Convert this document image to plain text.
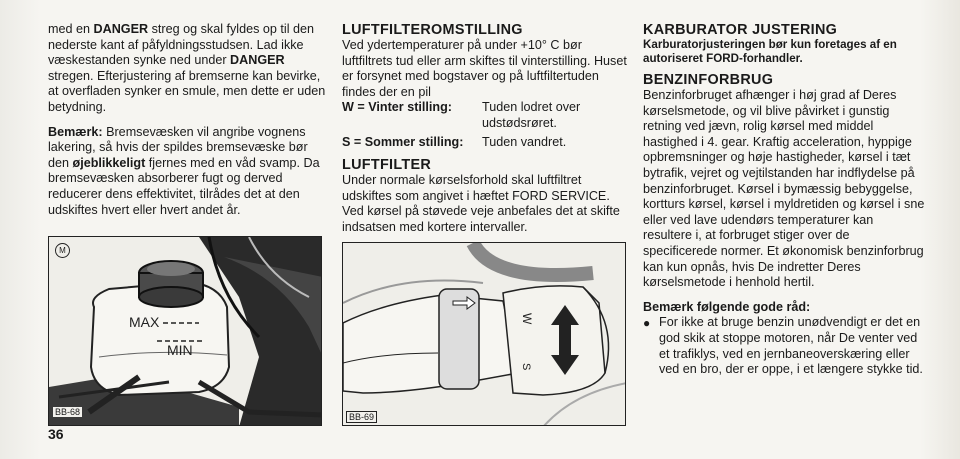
med en DANGER streg og skal fyldes op til den nederste kant af påfyldningsstudsen. Lad ikke væskestanden synke ned under DANGER stregen. Efterjustering af bremserne kan bevirke, at overfladen synker en smule, men dette er uden betydning.

Bemærk: Bremsevæsken vil angribe vognens lakering, så hvis der spildes bremsevæske bør den øjeblikkeligt fjernes med en våd svamp. Da bremsevæsken absorberer fugt og derved reducerer dens effektivitet, tilrådes det at den udskiftes hvert eller hvert andet år.

MAX
MIN
M
BB-68
LUFTFILTEROMSTILLING

Ved ydertemperaturer på under +10° C bør luftfiltrets tud eller arm skiftes til vinterstilling. Huset er forsynet med bogstaver og på luftfiltertuden findes der en pil

W = Vinter stilling:	Tuden lodret over udstødsrøret.
S = Sommer stilling:	Tuden vandret.
LUFTFILTER

Under normale kørselsforhold skal luftfiltret udskiftes som angivet i hæftet FORD SERVICE. Ved kørsel på støvede veje anbefales det at skifte indsatsen med kortere intervaller.

W
S
BB-69
KARBURATOR JUSTERING

Karburatorjusteringen bør kun foretages af en autoriseret FORD-forhandler.

BENZINFORBRUG

Benzinforbruget afhænger i høj grad af Deres kørselsmetode, og vil blive påvirket i gunstig retning ved jævn, rolig kørsel med middel hastighed i 4. gear. Kraftig acceleration, hyppige opbremsninger og høje hastigheder, kørsel i tæt bytrafik, vejret og vejtilstanden har indflydelse på benzinforbruget. Kørsel i bymæssig bebyggelse, kortturs kørsel, kørsel i myldretiden og kørsel i sne eller ved lave udendørs temperaturer kan resultere i, at forbruget stiger over de specificerede normer. Et økonomisk benzinforbrug kan kun opnås, hvis De indretter Deres kørselsmetode i henhold hertil.

Bemærk følgende gode råd:

● For ikke at bruge benzin unødvendigt er det en god skik at stoppe motoren, når De venter ved et trafiklys, ved en jernbaneoverskæring eller ved en bro, der er oppe, i et længere stykke tid.
36
